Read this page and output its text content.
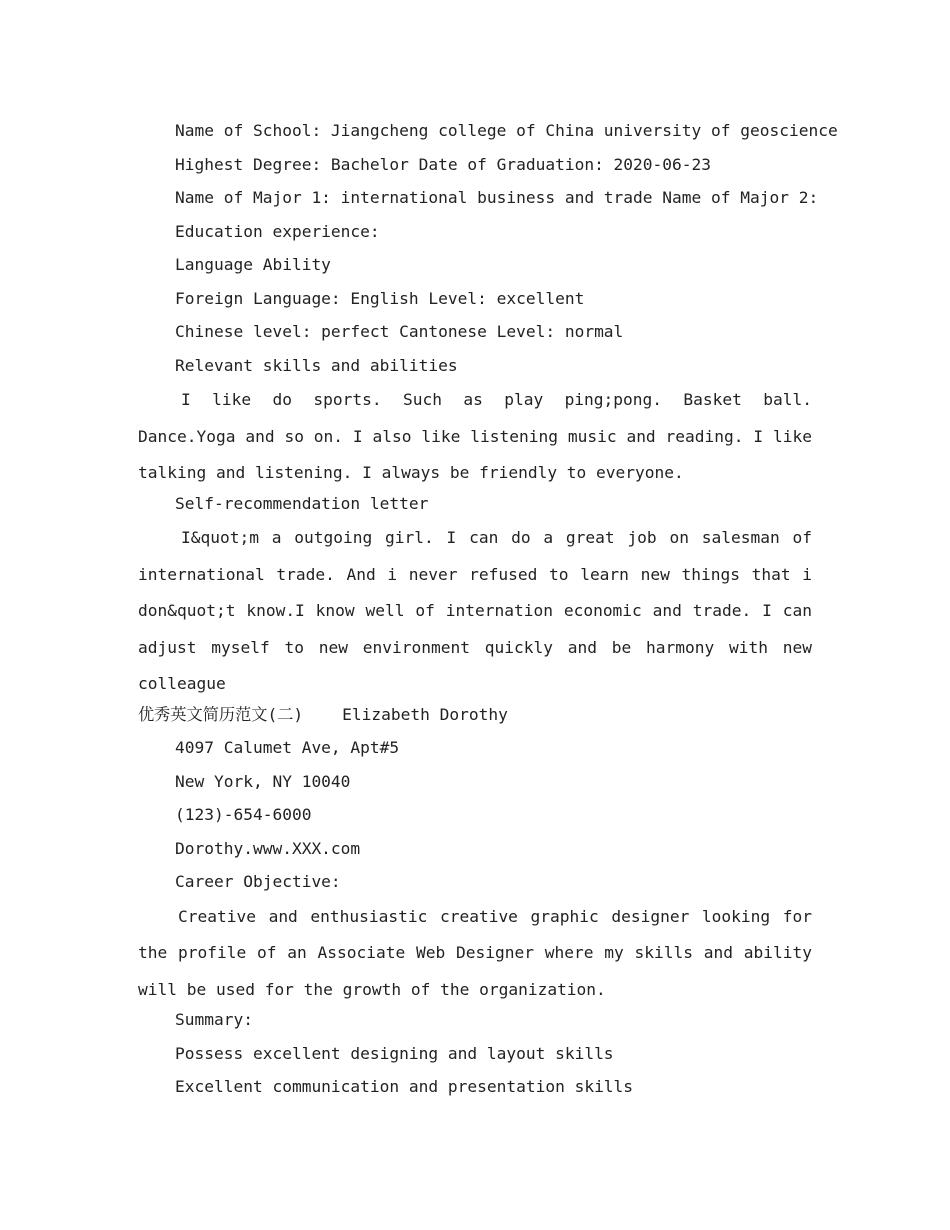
Name of School: Jiangcheng college of China university of geoscience
Highest Degree: Bachelor Date of Graduation: 2020-06-23
Name of Major 1: international business and trade Name of Major 2:
Education experience:
Language Ability
Foreign Language: English Level: excellent
Chinese level: perfect Cantonese Level: normal
Relevant skills and abilities
I like do sports. Such as play ping;pong. Basket ball. Dance.Yoga and so on. I also like listening music and reading. I like talking and listening. I always be friendly to everyone.
Self-recommendation letter
I&quot;m a outgoing girl. I can do a great job on salesman of international trade. And i never refused to learn new things that i don&quot;t know.I know well of internation economic and trade. I can adjust myself to new environment quickly and be harmony with new colleague
优秀英文简历范文(二) Elizabeth Dorothy
4097 Calumet Ave, Apt#5
New York, NY 10040
(123)-654-6000
Dorothy.www.XXX.com
Career Objective:
Creative and enthusiastic creative graphic designer looking for the profile of an Associate Web Designer where my skills and ability will be used for the growth of the organization.
Summary:
Possess excellent designing and layout skills
Excellent communication and presentation skills
